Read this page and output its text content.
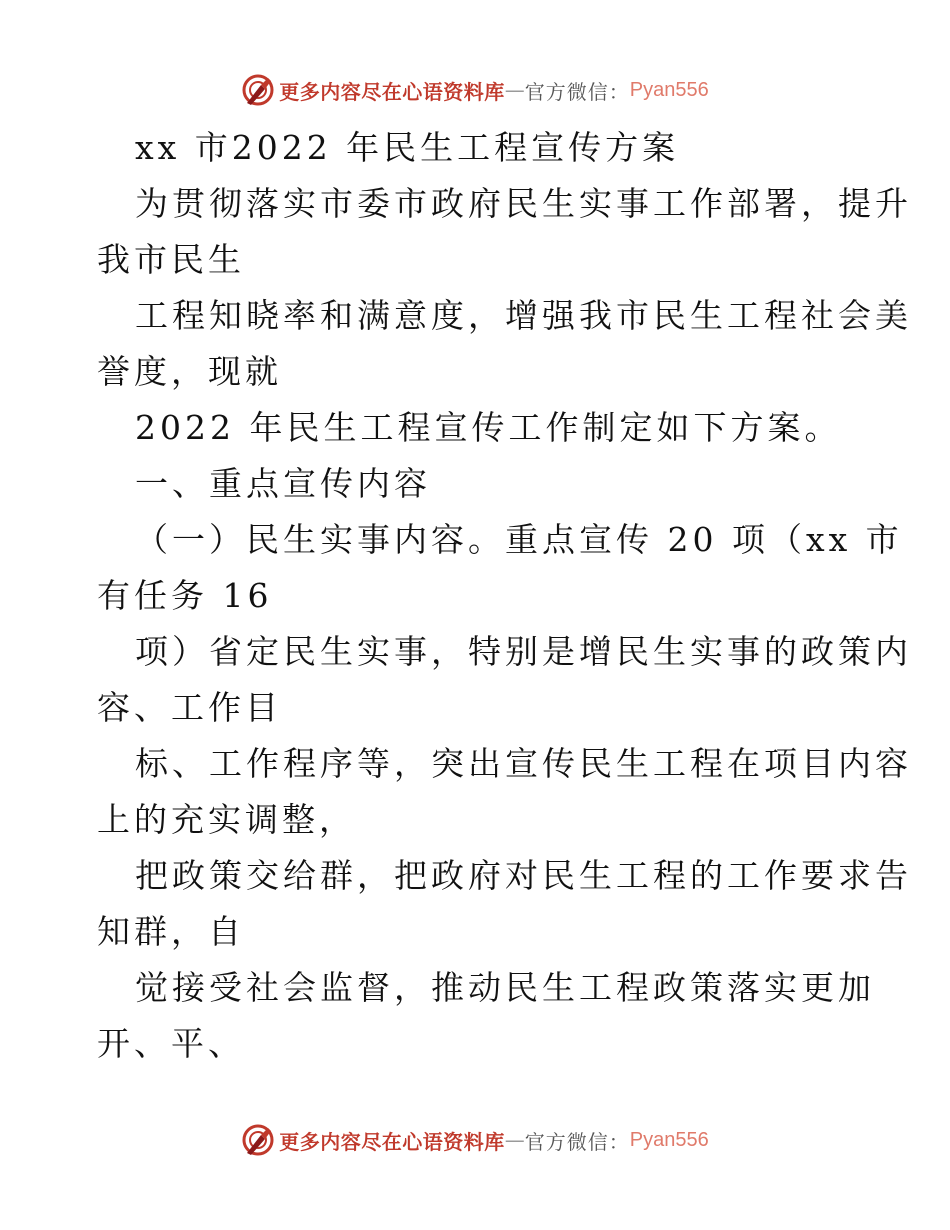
更多内容尽在心语资料库 — 官方微信： Pyan556
xx 市2022 年民生工程宣传方案
为贯彻落实市委市政府民生实事工作部署，提升
我市民生
工程知晓率和满意度，增强我市民生工程社会美
誉度，现就
2022 年民生工程宣传工作制定如下方案。
一、重点宣传内容
（一）民生实事内容。重点宣传 20 项（xx 市
有任务 16
项）省定民生实事，特别是增民生实事的政策内
容、工作目
标、工作程序等，突出宣传民生工程在项目内容
上的充实调整，
把政策交给群，把政府对民生工程的工作要求告
知群，自
觉接受社会监督，推动民生工程政策落实更加
开、平、
更多内容尽在心语资料库 — 官方微信： Pyan556
